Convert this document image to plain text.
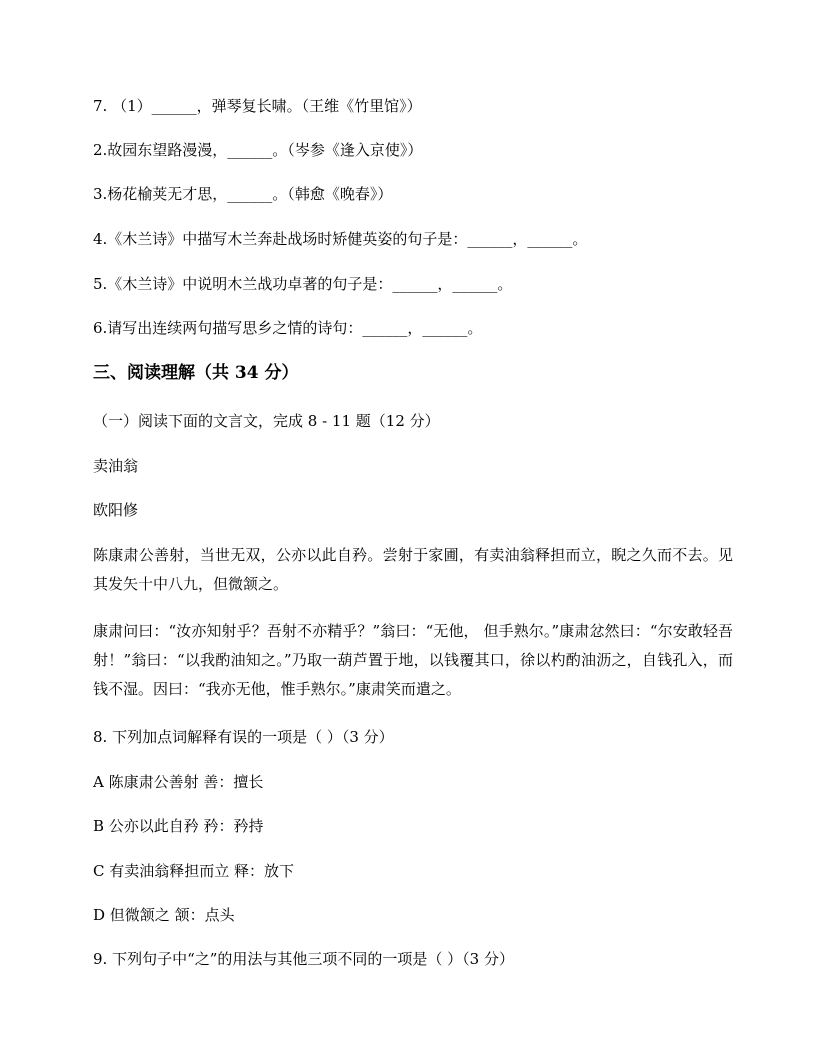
7. （1）______，弹琴复长啸。（王维《竹里馆》）
2.故园东望路漫漫，______。（岑参《逢入京使》）
3.杨花榆荚无才思，______。（韩愈《晚春》）
4.《木兰诗》中描写木兰奔赴战场时矫健英姿的句子是：______，______。
5.《木兰诗》中说明木兰战功卓著的句子是：______，______。
6.请写出连续两句描写思乡之情的诗句：______，______。
三、阅读理解（共 34 分）
（一）阅读下面的文言文，完成 8 - 11 题（12 分）
卖油翁
欧阳修
陈康肃公善射，当世无双，公亦以此自矜。尝射于家圃，有卖油翁释担而立，睨之久而不去。见其发矢十中八九，但微颔之。
康肃问曰：“汝亦知射乎？吾射不亦精乎？”翁曰：“无他， 但手熟尔。”康肃忿然曰：“尔安敢轻吾射！”翁曰：“以我酌油知之。”乃取一葫芦置于地，以钱覆其口，徐以杓酌油沥之，自钱孔入，而钱不湿。因曰：“我亦无他，惟手熟尔。”康肃笑而遣之。
8. 下列加点词解释有误的一项是（ ）（3 分）
A 陈康肃公善射 善：擅长
B 公亦以此自矜 矜：矜持
C 有卖油翁释担而立 释：放下
D 但微颔之 颔：点头
9. 下列句子中“之”的用法与其他三项不同的一项是（ ）（3 分）
